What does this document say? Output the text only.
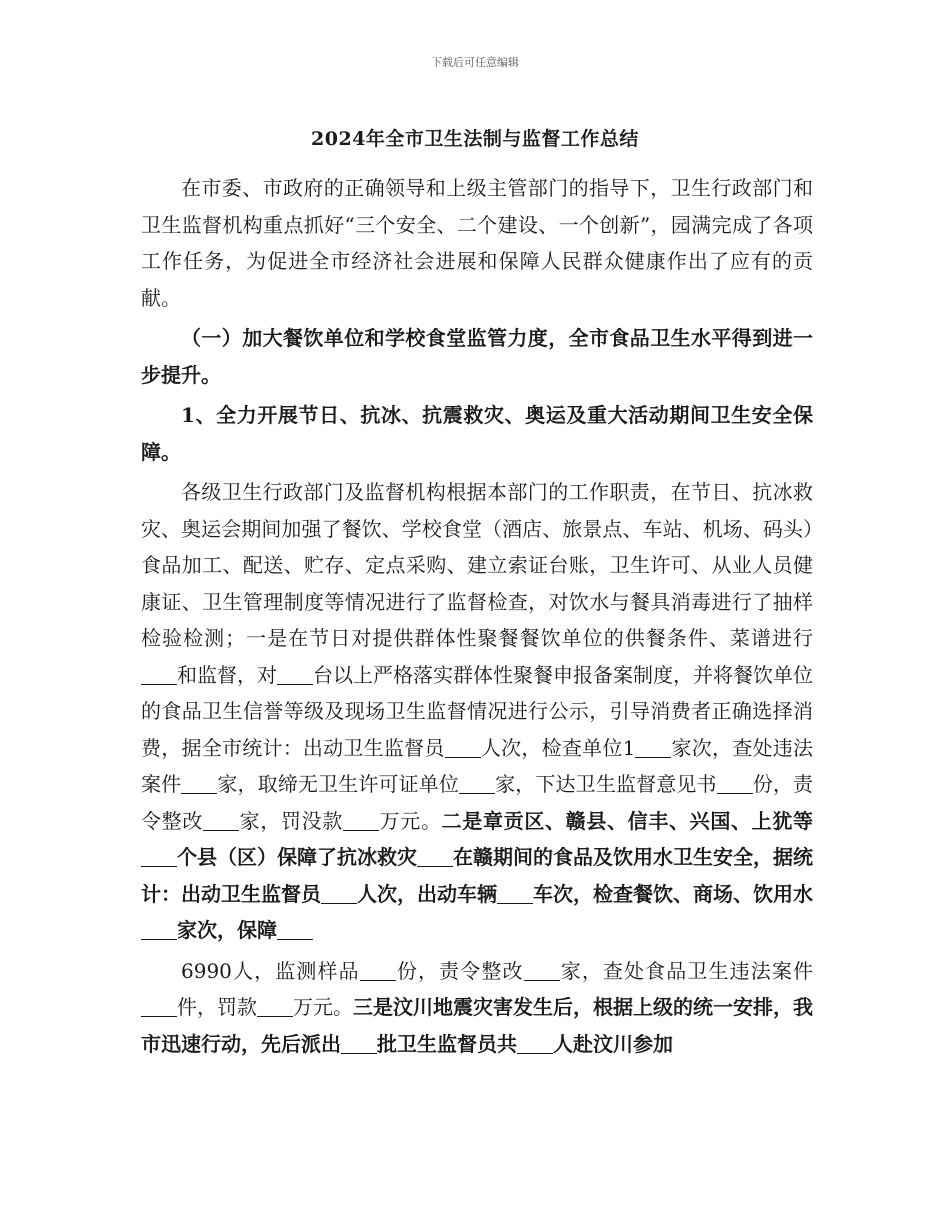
下载后可任意编辑
2024年全市卫生法制与监督工作总结

在市委、市政府的正确领导和上级主管部门的指导下，卫生行政部门和卫生监督机构重点抓好“三个安全、二个建设、一个创新”，园满完成了各项工作任务，为促进全市经济社会进展和保障人民群众健康作出了应有的贡献。

（一）加大餐饮单位和学校食堂监管力度，全市食品卫生水平得到进一步提升。

1、全力开展节日、抗冰、抗震救灾、奥运及重大活动期间卫生安全保障。

各级卫生行政部门及监督机构根据本部门的工作职责，在节日、抗冰救灾、奥运会期间加强了餐饮、学校食堂（酒店、旅景点、车站、机场、码头）食品加工、配送、贮存、定点采购、建立索证台账，卫生许可、从业人员健康证、卫生管理制度等情况进行了监督检查，对饮水与餐具消毒进行了抽样检验检测；一是在节日对提供群体性聚餐餐饮单位的供餐条件、菜谱进行和监督，对 台以上严格落实群体性聚餐申报备案制度，并将餐饮单位的食品卫生信誉等级及现场卫生监督情况进行公示，引导消费者正确选择消费，据全市统计：出动卫生监督员 人次，检查单位1 家次，查处违法案件 家，取缔无卫生许可证单位 家，下达卫生监督意见书 份，责令整改 家，罚没款 万元。二是章贡区、赣县、信丰、兴国、上犹等个县（区）保障了抗冰救灾 在赣期间的食品及饮用水卫生安全，据统计：出动卫生监督员 人次，出动车辆 车次，检查餐饮、商场、饮用水家次，保障

6990人，监测样品 份，责令整改 家，查处食品卫生违法案件件，罚款 万元。三是汶川地震灾害发生后，根据上级的统一安排，我市迅速行动，先后派出 批卫生监督员共 人赴汶川参加
